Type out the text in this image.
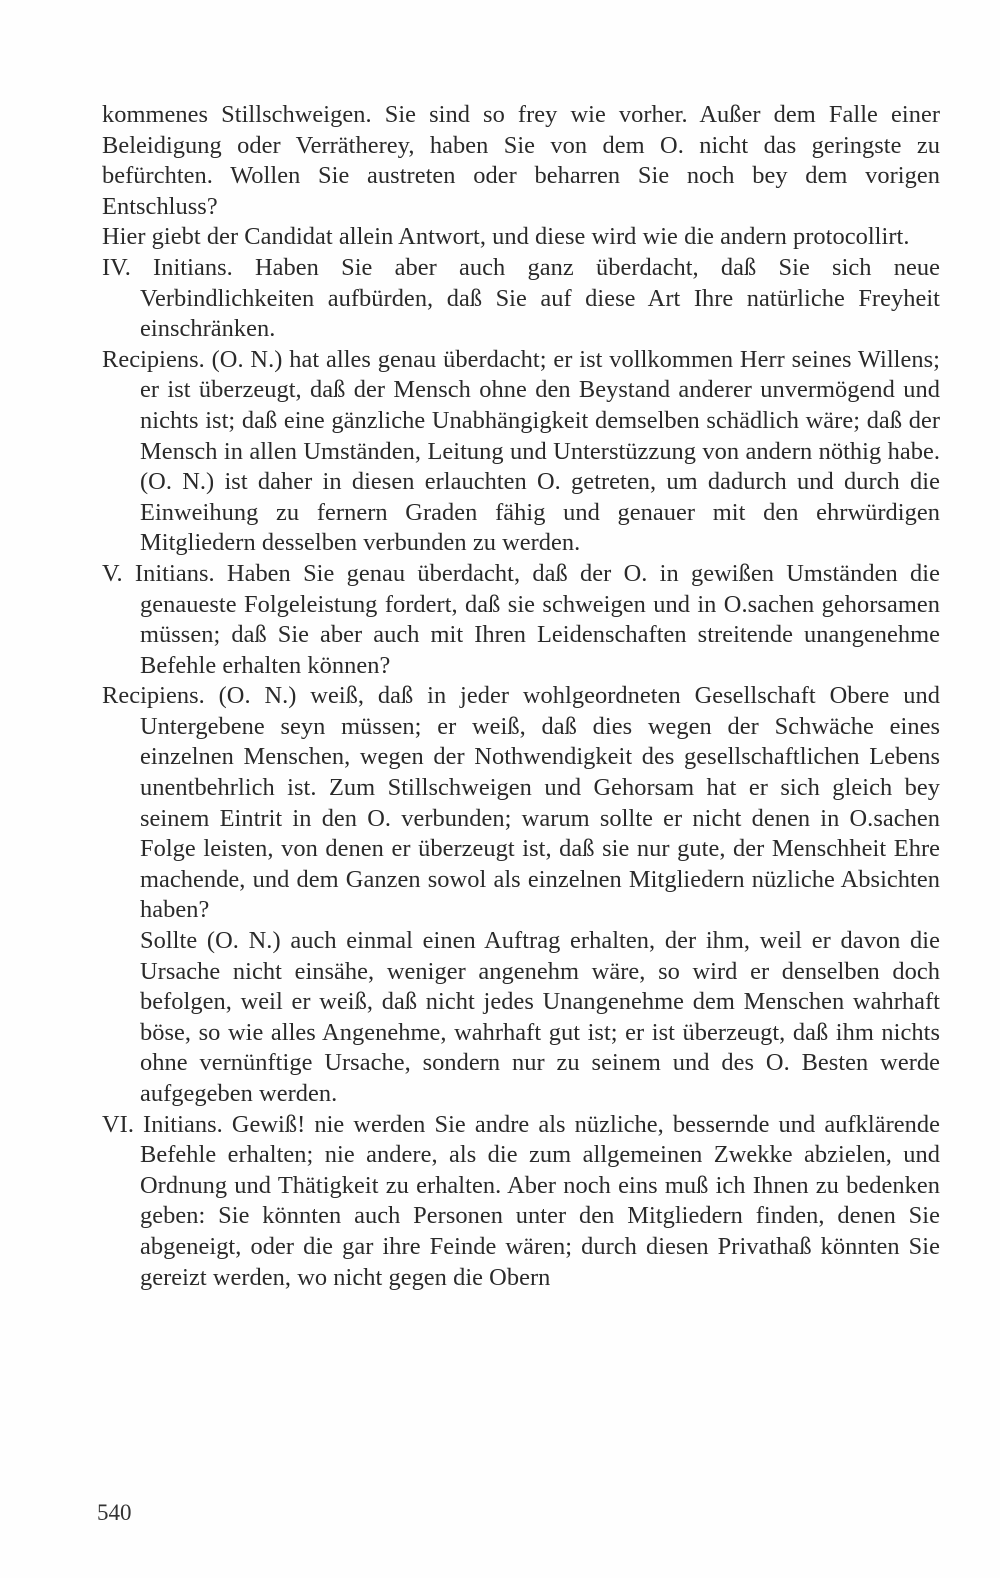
kommenes Stillschweigen. Sie sind so frey wie vorher. Außer dem Falle einer Beleidigung oder Verrätherey, haben Sie von dem O. nicht das geringste zu befürchten. Wollen Sie austreten oder beharren Sie noch bey dem vorigen Entschluss?

Hier giebt der Candidat allein Antwort, und diese wird wie die andern protocollirt.

IV. Initians. Haben Sie aber auch ganz überdacht, daß Sie sich neue Verbindlichkeiten aufbürden, daß Sie auf diese Art Ihre natürliche Freyheit einschränken.

Recipiens. (O. N.) hat alles genau überdacht; er ist vollkommen Herr seines Willens; er ist überzeugt, daß der Mensch ohne den Beystand anderer unvermögend und nichts ist; daß eine gänzliche Unabhängigkeit demselben schädlich wäre; daß der Mensch in allen Umständen, Leitung und Unterstüzzung von andern nöthig habe. (O. N.) ist daher in diesen erlauchten O. getreten, um dadurch und durch die Einweihung zu fernern Graden fähig und genauer mit den ehrwürdigen Mitgliedern desselben verbunden zu werden.

V. Initians. Haben Sie genau überdacht, daß der O. in gewißen Umständen die genaueste Folgeleistung fordert, daß sie schweigen und in O.sachen gehorsamen müssen; daß Sie aber auch mit Ihren Leidenschaften streitende unangenehme Befehle erhalten können?

Recipiens. (O. N.) weiß, daß in jeder wohlgeordneten Gesellschaft Obere und Untergebene seyn müssen; er weiß, daß dies wegen der Schwäche eines einzelnen Menschen, wegen der Nothwendigkeit des gesellschaftlichen Lebens unentbehrlich ist. Zum Stillschweigen und Gehorsam hat er sich gleich bey seinem Eintrit in den O. verbunden; warum sollte er nicht denen in O.sachen Folge leisten, von denen er überzeugt ist, daß sie nur gute, der Menschheit Ehre machende, und dem Ganzen sowol als einzelnen Mitgliedern nüzliche Absichten haben?

Sollte (O. N.) auch einmal einen Auftrag erhalten, der ihm, weil er davon die Ursache nicht einsähe, weniger angenehm wäre, so wird er denselben doch befolgen, weil er weiß, daß nicht jedes Unangenehme dem Menschen wahrhaft böse, so wie alles Angenehme, wahrhaft gut ist; er ist überzeugt, daß ihm nichts ohne vernünftige Ursache, sondern nur zu seinem und des O. Besten werde aufgegeben werden.

VI. Initians. Gewiß! nie werden Sie andre als nüzliche, bessernde und aufklärende Befehle erhalten; nie andere, als die zum allgemeinen Zwekke abzielen, und Ordnung und Thätigkeit zu erhalten. Aber noch eins muß ich Ihnen zu bedenken geben: Sie könnten auch Personen unter den Mitgliedern finden, denen Sie abgeneigt, oder die gar ihre Feinde wären; durch diesen Privathaß könnten Sie gereizt werden, wo nicht gegen die Obern

540
